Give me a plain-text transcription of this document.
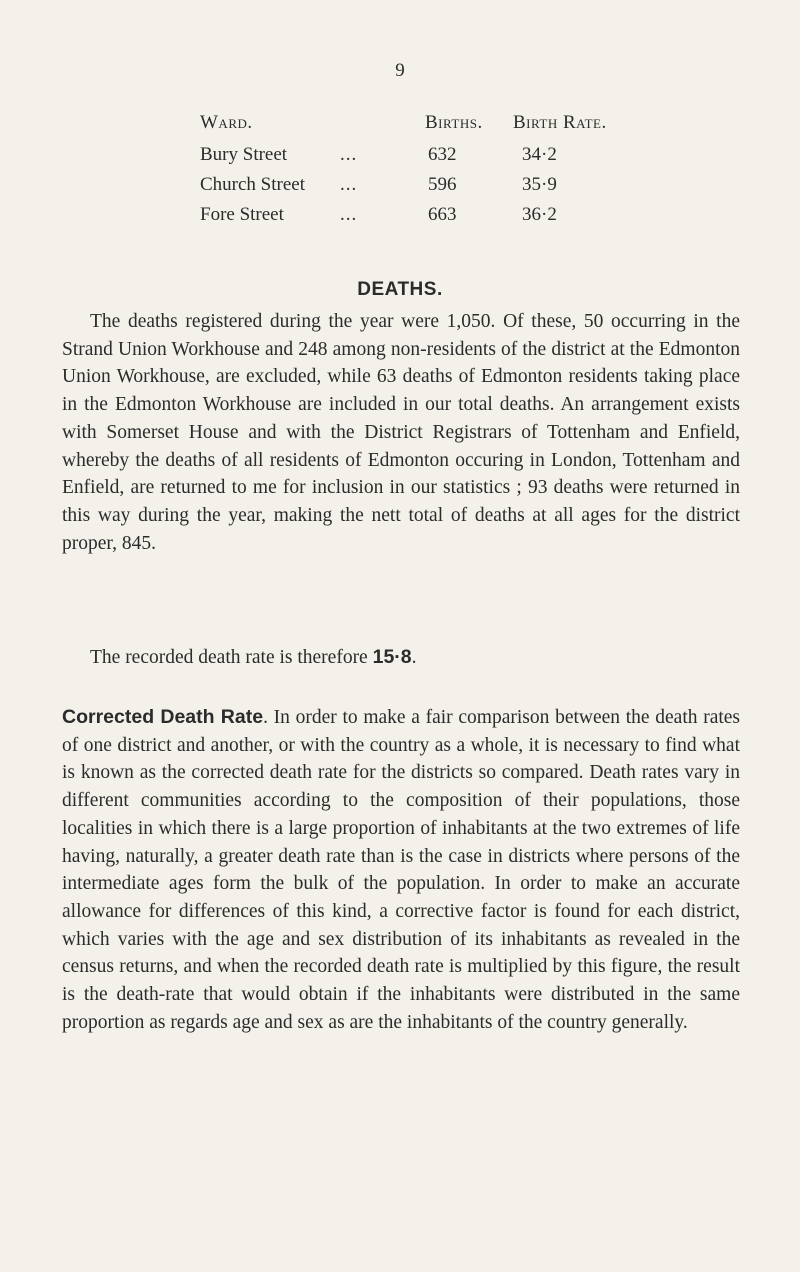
9
Ward.	Births. Birth Rate.
Bury Street	...	632	34·2
Church Street ...	596	35·9
Fore Street	...	663	36·2
DEATHS.

The deaths registered during the year were 1,050. Of these, 50 occurring in the Strand Union Workhouse and 248 among non-residents of the district at the Edmonton Union Workhouse, are excluded, while 63 deaths of Edmonton residents taking place in the Edmonton Workhouse are included in our total deaths. An arrangement exists with Somerset House and with the District Registrars of Tottenham and Enfield, whereby the deaths of all residents of Edmonton occuring in London, Tottenham and Enfield, are returned to me for inclusion in our statistics ; 93 deaths were returned in this way during the year, making the nett total of deaths at all ages for the district proper, 845.

The recorded death rate is therefore 15·8.

Corrected Death Rate. In order to make a fair comparison between the death rates of one district and another, or with the country as a whole, it is necessary to find what is known as the corrected death rate for the districts so compared. Death rates vary in different communities according to the composition of their populations, those localities in which there is a large proportion of inhabitants at the two extremes of life having, naturally, a greater death rate than is the case in districts where persons of the intermediate ages form the bulk of the population. In order to make an accurate allowance for differences of this kind, a corrective factor is found for each district, which varies with the age and sex distribution of its inhabitants as revealed in the census returns, and when the recorded death rate is multiplied by this figure, the result is the death-rate that would obtain if the inhabitants were distributed in the same proportion as regards age and sex as are the inhabitants of the country generally.
